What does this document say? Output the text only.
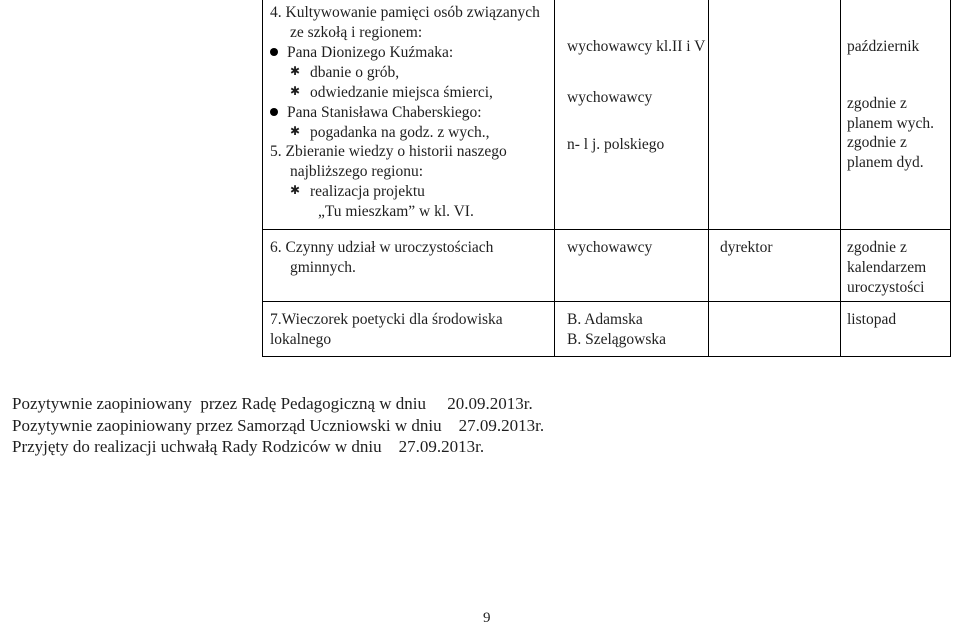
4. Kultywowanie pamięci osób związanych
ze szkołą i regionem:
Pana Dionizego Kuźmaka:
✱ dbanie o grób,
✱ odwiedzanie miejsca śmierci,
Pana Stanisława Chaberskiego:
✱ pogadanka na godz. z wych.,
5. Zbieranie wiedzy o historii naszego
najbliższego regionu:
✱ realizacja projektu
„Tu mieszkam” w kl. VI.
wychowawcy kl.II i V
wychowawcy
n- l j. polskiego
październik
zgodnie z
planem wych.
zgodnie z
planem dyd.
6. Czynny udział w uroczystościach
gminnych.
wychowawcy	dyrektor	zgodnie z
kalendarzem
uroczystości
7.Wieczorek poetycki dla środowiska
lokalnego
B. Adamska
B. Szelągowska
listopad
Pozytywnie zaopiniowany  przez Radę Pedagogiczną w dniu     20.09.2013r.
Pozytywnie zaopiniowany przez Samorząd Uczniowski w dniu    27.09.2013r.
Przyjęty do realizacji uchwałą Rady Rodziców w dniu    27.09.2013r.
9
